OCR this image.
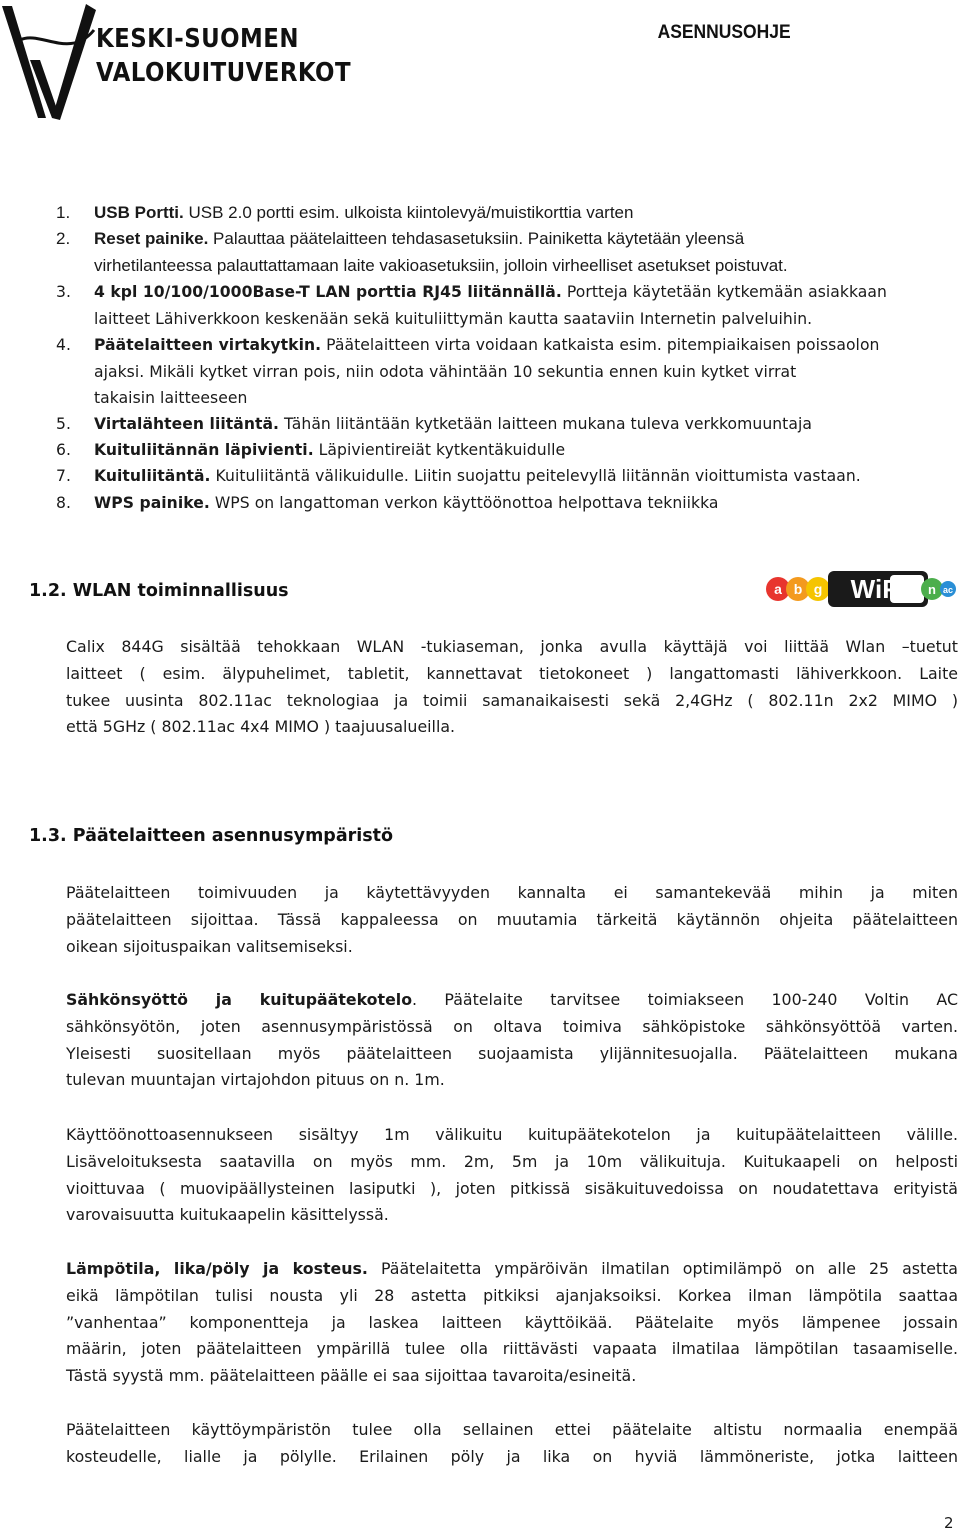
KESKI-SUOMEN
VALOKUITUVERKOT
ASENNUSOHJE
1. USB Portti. USB 2.0 portti esim. ulkoista kiintolevyä/muistikorttia varten
2. Reset painike. Palauttaa päätelaitteen tehdasasetuksiin. Painiketta käytetään yleensä
virhetilanteessa palauttattamaan laite vakioasetuksiin, jolloin virheelliset asetukset poistuvat.
3. 4 kpl 10/100/1000Base-T LAN porttia RJ45 liitännällä. Portteja käytetään kytkemään asiakkaan
laitteet Lähiverkkoon keskenään sekä kuituliittymän kautta saataviin Internetin palveluihin.
4. Päätelaitteen virtakytkin. Päätelaitteen virta voidaan katkaista esim. pitempiaikaisen poissaolon
ajaksi. Mikäli kytket virran pois, niin odota vähintään 10 sekuntia ennen kuin kytket virrat
takaisin laitteeseen
5. Virtalähteen liitäntä. Tähän liitäntään kytketään laitteen mukana tuleva verkkomuuntaja
6. Kuituliitännän läpivienti. Läpivientireiät kytkentäkuidulle
7. Kuituliitäntä. Kuituliitäntä välikuidulle. Liitin suojattu peitelevyllä liitännän vioittumista vastaan.
8. WPS painike. WPS on langattoman verkon käyttöönottoa helpottava tekniikka
1.2. WLAN toiminnallisuus	a b g WiFi n ac
Calix 844G sisältää tehokkaan WLAN -tukiaseman, jonka avulla käyttäjä voi liittää Wlan –tuetut
laitteet ( esim. älypuhelimet, tabletit, kannettavat tietokoneet ) langattomasti lähiverkkoon. Laite
tukee uusinta 802.11ac teknologiaa ja toimii samanaikaisesti sekä 2,4GHz ( 802.11n 2x2 MIMO )
että 5GHz ( 802.11ac 4x4 MIMO ) taajuusalueilla.
1.3. Päätelaitteen asennusympäristö
Päätelaitteen toimivuuden ja käytettävyyden kannalta ei samantekevää mihin ja miten
päätelaitteen sijoittaa. Tässä kappaleessa on muutamia tärkeitä käytännön ohjeita päätelaitteen
oikean sijoituspaikan valitsemiseksi.
Sähkönsyöttö ja kuitupäätekotelo. Päätelaite tarvitsee toimiakseen 100-240 Voltin AC
sähkönsyötön, joten asennusympäristössä on oltava toimiva sähköpistoke sähkönsyöttöä varten.
Yleisesti suositellaan myös päätelaitteen suojaamista ylijännitesuojalla. Päätelaitteen mukana
tulevan muuntajan virtajohdon pituus on n. 1m.
Käyttöönottoasennukseen sisältyy 1m välikuitu kuitupäätekotelon ja kuitupäätelaitteen välille.
Lisäveloituksesta saatavilla on myös mm. 2m, 5m ja 10m välikuituja. Kuitukaapeli on helposti
vioittuvaa ( muovipäällysteinen lasiputki ), joten pitkissä sisäkuituvedoissa on noudatettava erityistä
varovaisuutta kuitukaapelin käsittelyssä.
Lämpötila, lika/pöly ja kosteus. Päätelaitetta ympäröivän ilmatilan optimilämpö on alle 25 astetta
eikä lämpötilan tulisi nousta yli 28 astetta pitkiksi ajanjaksoiksi. Korkea ilman lämpötila saattaa
”vanhentaa” komponentteja ja laskea laitteen käyttöikää. Päätelaite myös lämpenee jossain
määrin, joten päätelaitteen ympärillä tulee olla riittävästi vapaata ilmatilaa lämpötilan tasaamiselle.
Tästä syystä mm. päätelaitteen päälle ei saa sijoittaa tavaroita/esineitä.
Päätelaitteen käyttöympäristön tulee olla sellainen ettei päätelaite altistu normaalia enempää
kosteudelle, lialle ja pölylle. Erilainen pöly ja lika on hyviä lämmöneriste, jotka laitteen
2
